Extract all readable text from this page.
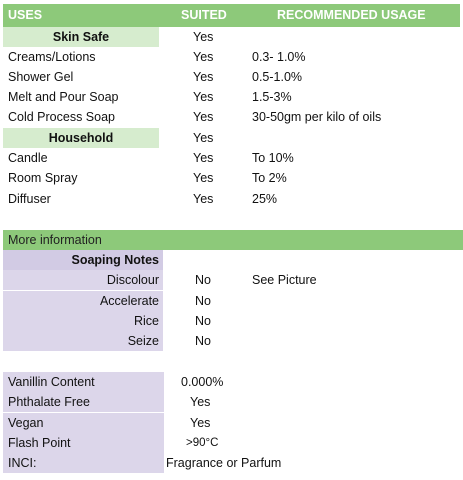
USES	SUITED	RECOMMENDED USAGE
Skin Safe	Yes
Creams/Lotions	Yes	0.3- 1.0%
Shower Gel	Yes	0.5-1.0%
Melt and Pour Soap	Yes	1.5-3%
Cold Process Soap	Yes	30-50gm per kilo of oils
Household	Yes
Candle	Yes	To 10%
Room Spray	Yes	To 2%
Diffuser	Yes	25%
More information
Soaping Notes
Discolour	No	See Picture
Accelerate	No
Rice	No
Seize	No
Vanillin Content	0.000%
Phthalate Free	Yes
Vegan	Yes
Flash Point	>90°C
INCI:	Fragrance or Parfum
